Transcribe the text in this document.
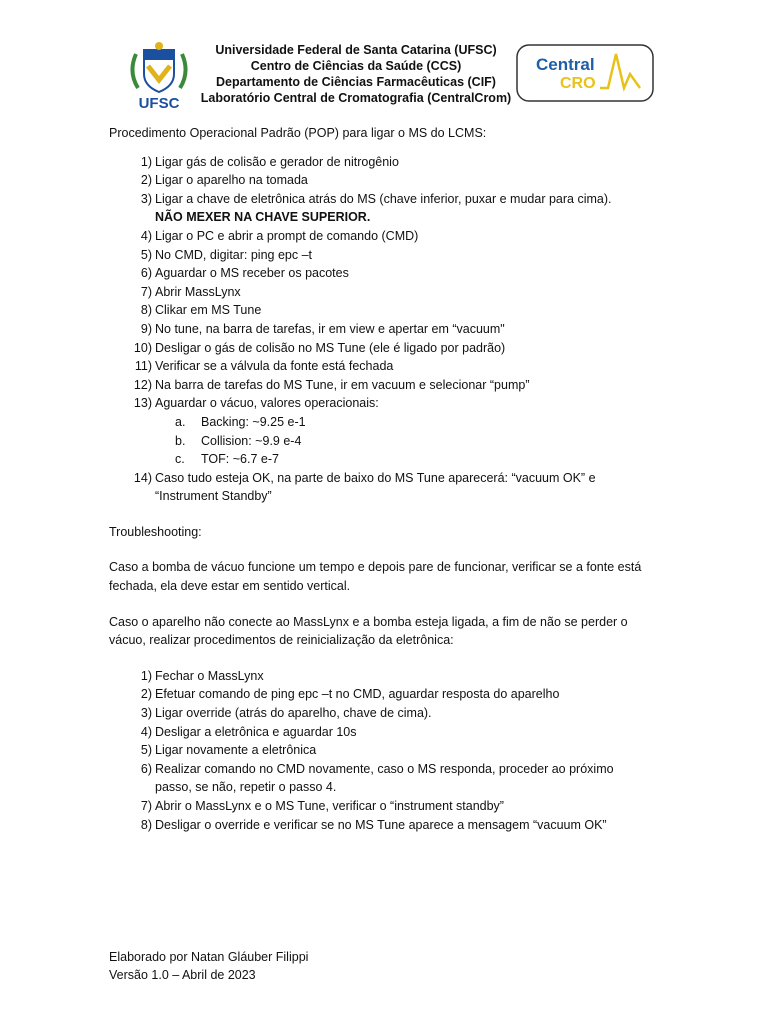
UFSC
Universidade Federal de Santa Catarina (UFSC)
Centro de Ciências da Saúde (CCS)
Departamento de Ciências Farmacêuticas (CIF)
Laboratório Central de Cromatografia (CentralCrom)
Central
CRO

Procedimento Operacional Padrão (POP) para ligar o MS do LCMS:

1) Ligar gás de colisão e gerador de nitrogênio
2) Ligar o aparelho na tomada
3) Ligar a chave de eletrônica atrás do MS (chave inferior, puxar e mudar para cima).
NÃO MEXER NA CHAVE SUPERIOR.
4) Ligar o PC e abrir a prompt de comando (CMD)
5) No CMD, digitar: ping epc –t
6) Aguardar o MS receber os pacotes
7) Abrir MassLynx
8) Clikar em MS Tune
9) No tune, na barra de tarefas, ir em view e apertar em “vacuum"
10) Desligar o gás de colisão no MS Tune (ele é ligado por padrão)
11) Verificar se a válvula da fonte está fechada
12) Na barra de tarefas do MS Tune, ir em vacuum e selecionar “pump”
13) Aguardar o vácuo, valores operacionais:
a. Backing: ~9.25 e-1
b. Collision: ~9.9 e-4
c.	TOF: ~6.7 e-7
14) Caso tudo esteja OK, na parte de baixo do MS Tune aparecerá: “vacuum OK” e “Instrument Standby”

Troubleshooting:

Caso a bomba de vácuo funcione um tempo e depois pare de funcionar, verificar se a fonte está fechada, ela deve estar em sentido vertical.

Caso o aparelho não conecte ao MassLynx e a bomba esteja ligada, a fim de não se perder o vácuo, realizar procedimentos de reinicialização da eletrônica:

1) Fechar o MassLynx
2) Efetuar comando de ping epc –t no CMD, aguardar resposta do aparelho
3) Ligar override (atrás do aparelho, chave de cima).
4) Desligar a eletrônica e aguardar 10s
5) Ligar novamente a eletrônica
6) Realizar comando no CMD novamente, caso o MS responda, proceder ao próximo passo, se não, repetir o passo 4.
7) Abrir o MassLynx e o MS Tune, verificar o “instrument standby”
8) Desligar o override e verificar se no MS Tune aparece a mensagem “vacuum OK”
Elaborado por Natan Gláuber Filippi
Versão 1.0 – Abril de 2023
